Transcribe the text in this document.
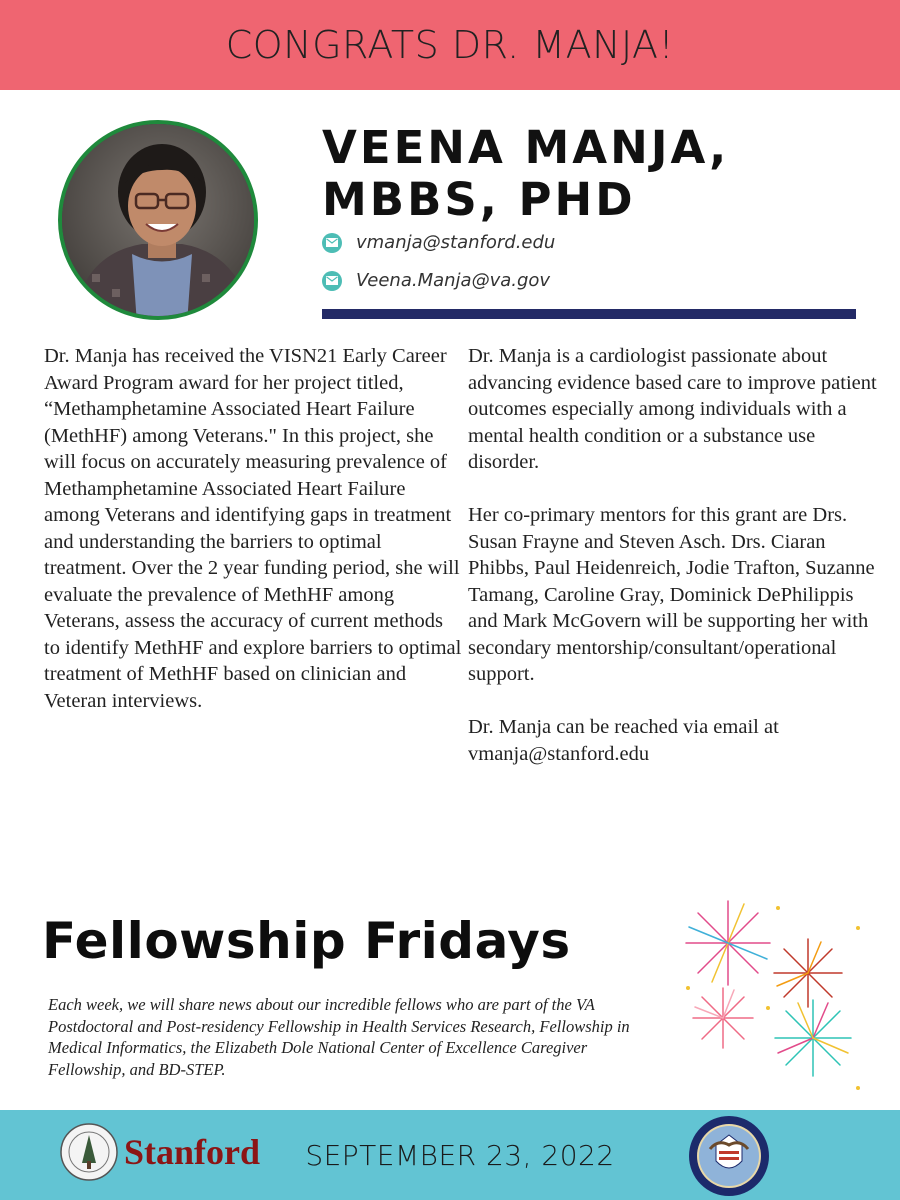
CONGRATS DR. MANJA!
VEENA MANJA,
MBBS, PHD
vmanja@stanford.edu
Veena.Manja@va.gov

Dr. Manja has received the VISN21 Early Career Award Program award for her project titled, “Methamphetamine Associated Heart Failure (MethHF) among Veterans." In this project, she will focus on accurately measuring prevalence of Methamphetamine Associated Heart Failure among Veterans and identifying gaps in treatment and understanding the barriers to optimal treatment. Over the 2 year funding period, she will evaluate the prevalence of MethHF among Veterans, assess the accuracy of current methods to identify MethHF and explore barriers to optimal treatment of MethHF based on clinician and Veteran interviews.

Dr. Manja is a cardiologist passionate about advancing evidence based care to improve patient outcomes especially among individuals with a mental health condition or a substance use disorder.

Her co-primary mentors for this grant are Drs. Susan Frayne and Steven Asch. Drs. Ciaran Phibbs, Paul Heidenreich, Jodie Trafton, Suzanne Tamang, Caroline Gray, Dominick DePhilippis and Mark McGovern will be supporting her with secondary mentorship/consultant/operational support.

Dr. Manja can be reached via email at vmanja@stanford.edu

Fellowship Fridays
Each week, we will share news about our incredible fellows who are part of the VA Postdoctoral and Post-residency Fellowship in Health Services Research, Fellowship in Medical Informatics, the Elizabeth Dole National Center of Excellence Caregiver Fellowship, and BD-STEP.
Stanford	SEPTEMBER 23, 2022
